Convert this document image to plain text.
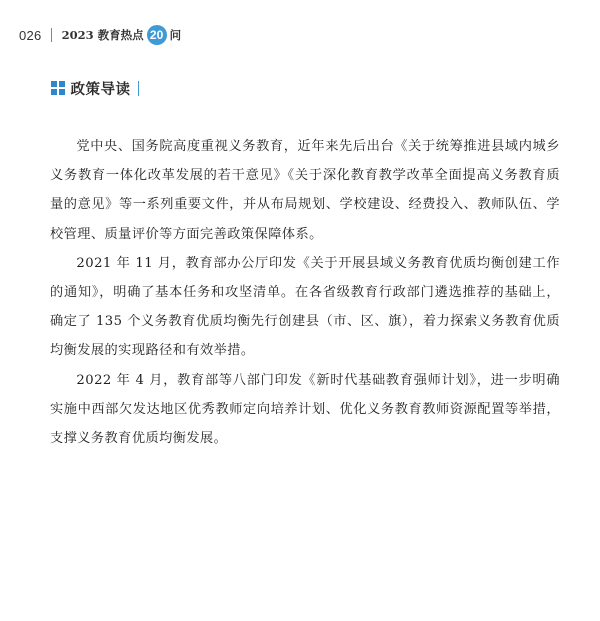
026 2023 教育热点 20 问
政策导读

党中央、国务院高度重视义务教育，近年来先后出台《关于统筹推进县域内城乡义务教育一体化改革发展的若干意见》《关于深化教育教学改革全面提高义务教育质量的意见》等一系列重要文件，并从布局规划、学校建设、经费投入、教师队伍、学校管理、质量评价等方面完善政策保障体系。

2021 年 11 月，教育部办公厅印发《关于开展县域义务教育优质均衡创建工作的通知》，明确了基本任务和攻坚清单。在各省级教育行政部门遴选推荐的基础上，确定了 135 个义务教育优质均衡先行创建县（市、区、旗），着力探索义务教育优质均衡发展的实现路径和有效举措。

2022 年 4 月，教育部等八部门印发《新时代基础教育强师计划》，进一步明确实施中西部欠发达地区优秀教师定向培养计划、优化义务教育教师资源配置等举措，支撑义务教育优质均衡发展。
